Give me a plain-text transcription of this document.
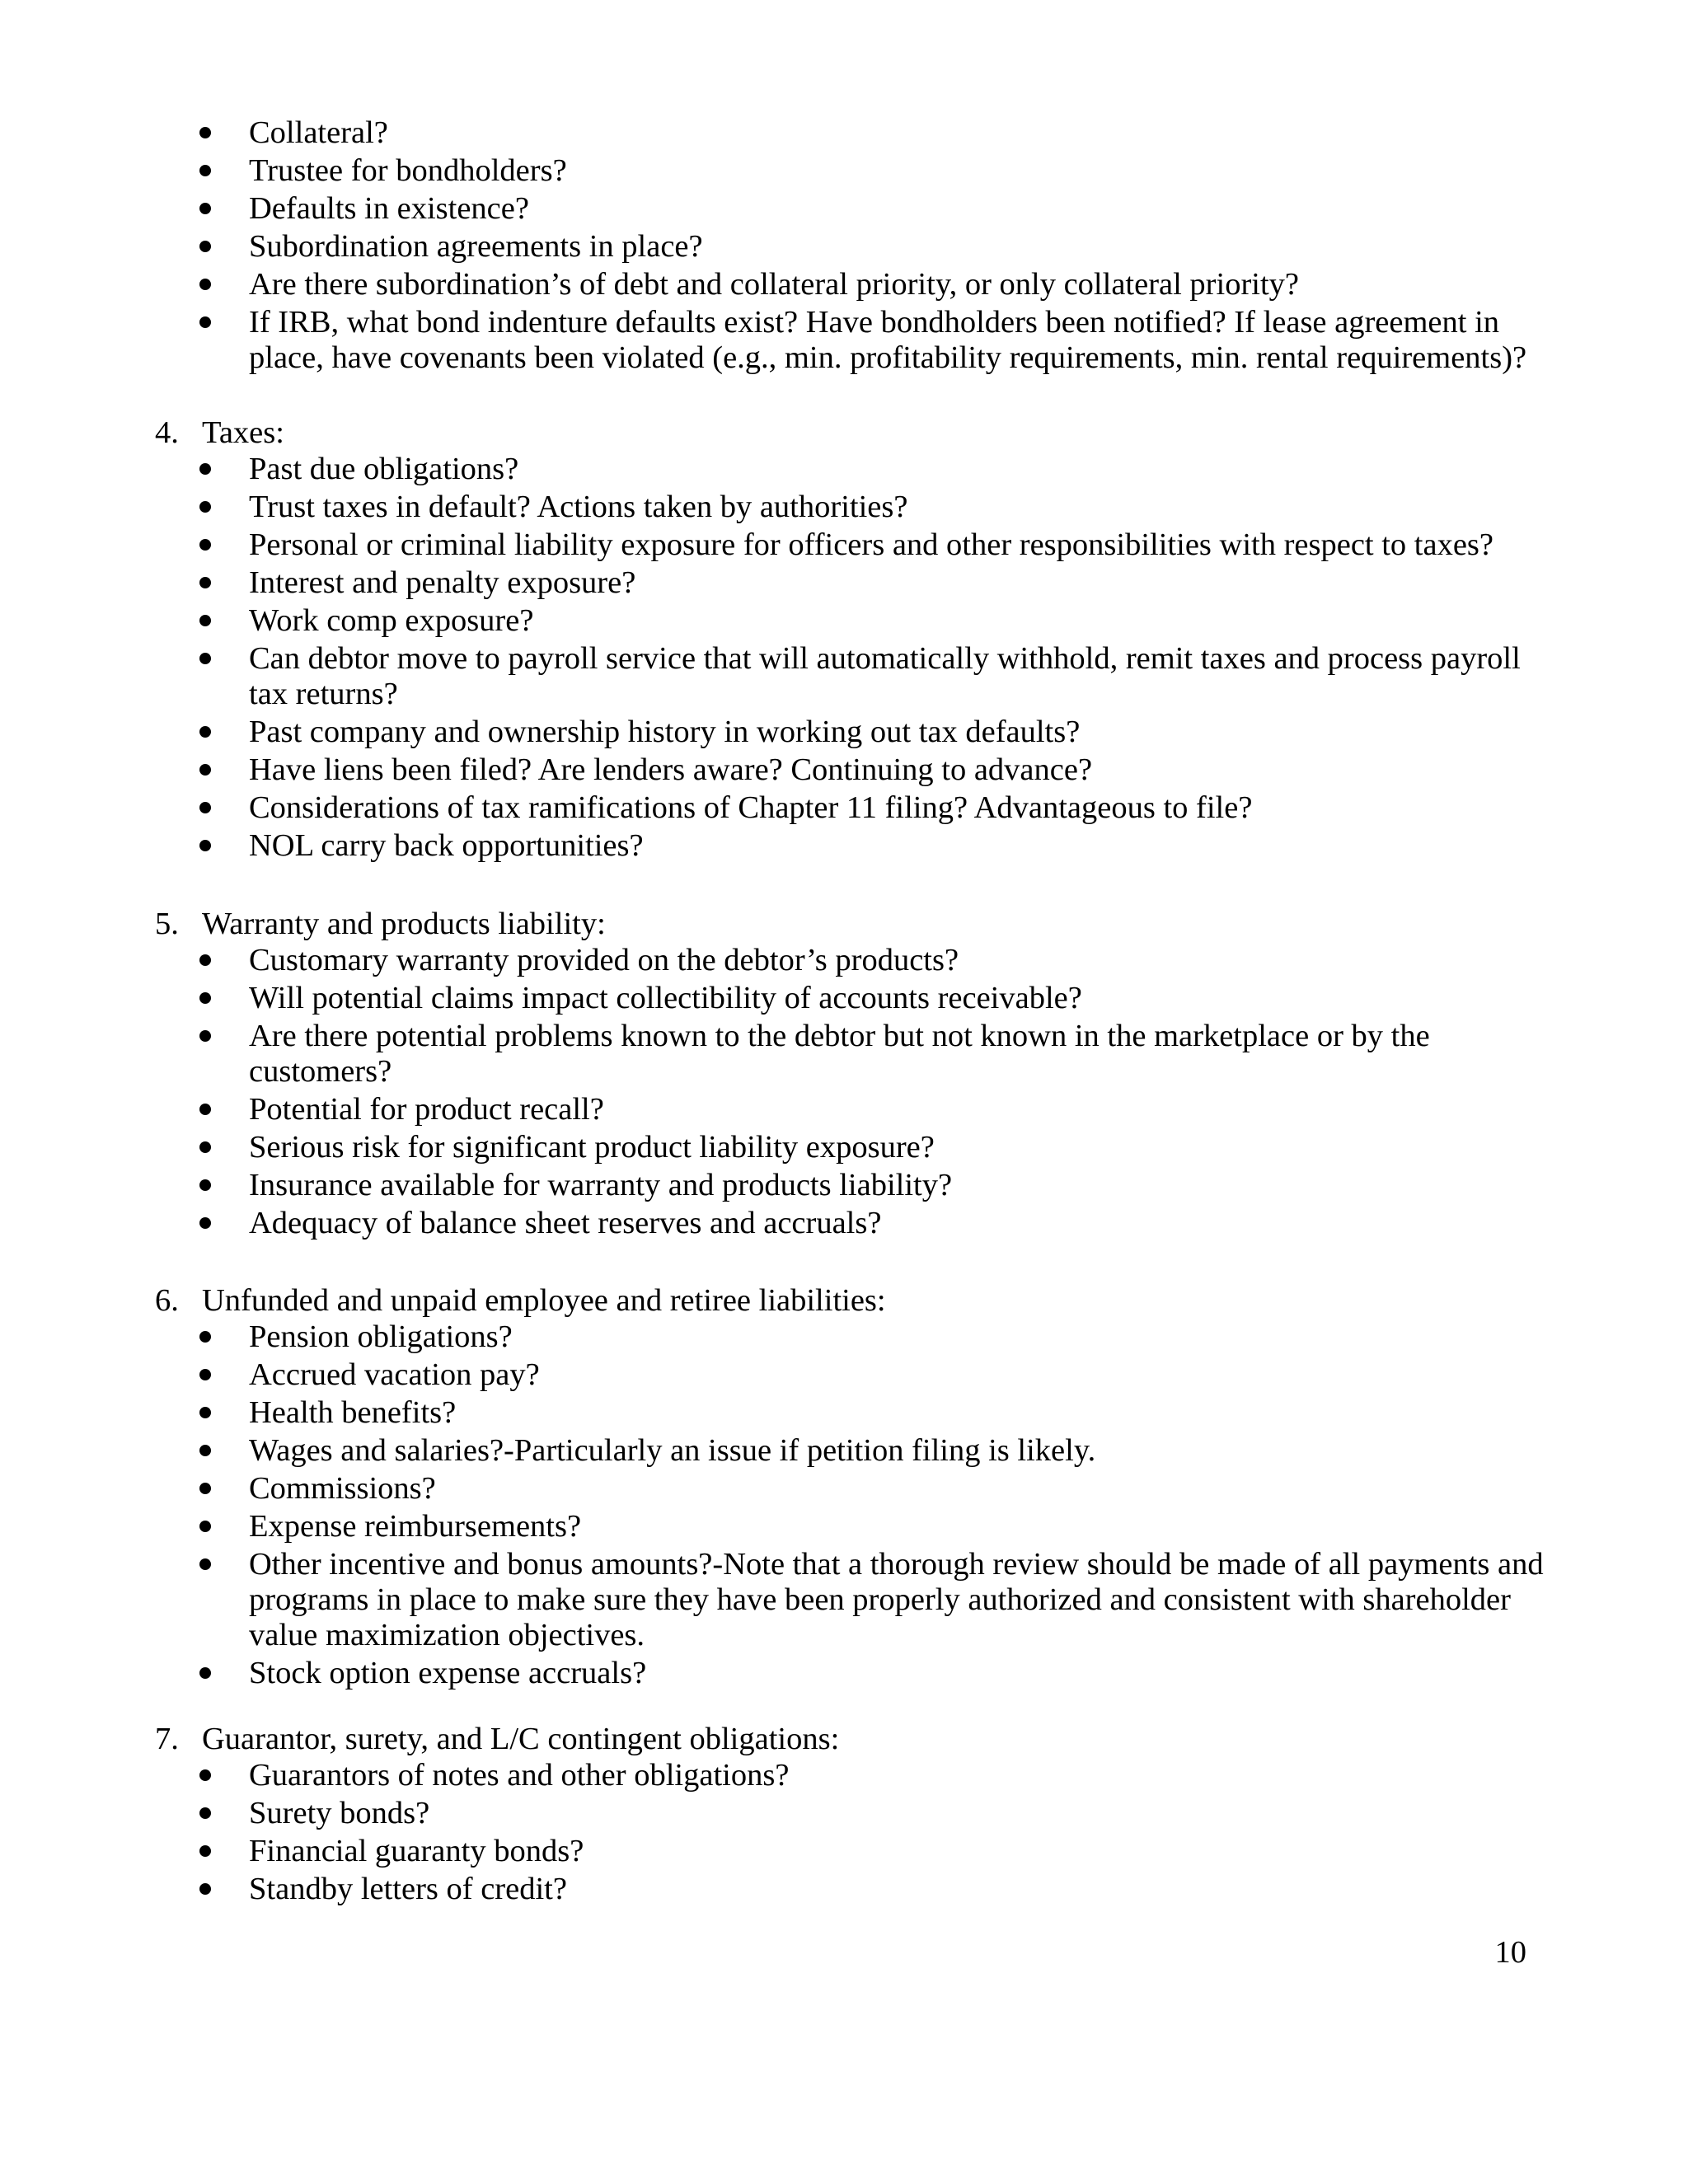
Collateral?
Trustee for bondholders?
Defaults in existence?
Subordination agreements in place?
Are there subordination’s of debt and collateral priority, or only collateral priority?
If IRB, what bond indenture defaults exist? Have bondholders been notified? If lease agreement in
place, have covenants been violated (e.g., min. profitability requirements, min. rental requirements)?
4. Taxes:
Past due obligations?
Trust taxes in default? Actions taken by authorities?
Personal or criminal liability exposure for officers and other responsibilities with respect to taxes?
Interest and penalty exposure?
Work comp exposure?
Can debtor move to payroll service that will automatically withhold, remit taxes and process payroll
tax returns?
Past company and ownership history in working out tax defaults?
Have liens been filed? Are lenders aware? Continuing to advance?
Considerations of tax ramifications of Chapter 11 filing? Advantageous to file?
NOL carry back opportunities?
5. Warranty and products liability:
Customary warranty provided on the debtor’s products?
Will potential claims impact collectibility of accounts receivable?
Are there potential problems known to the debtor but not known in the marketplace or by the
customers?
Potential for product recall?
Serious risk for significant product liability exposure?
Insurance available for warranty and products liability?
Adequacy of balance sheet reserves and accruals?
6. Unfunded and unpaid employee and retiree liabilities:
Pension obligations?
Accrued vacation pay?
Health benefits?
Wages and salaries?-Particularly an issue if petition filing is likely.
Commissions?
Expense reimbursements?
Other incentive and bonus amounts?-Note that a thorough review should be made of all payments and
programs in place to make sure they have been properly authorized and consistent with shareholder
value maximization objectives.
Stock option expense accruals?
7. Guarantor, surety, and L/C contingent obligations:
Guarantors of notes and other obligations?
Surety bonds?
Financial guaranty bonds?
Standby letters of credit?
10
